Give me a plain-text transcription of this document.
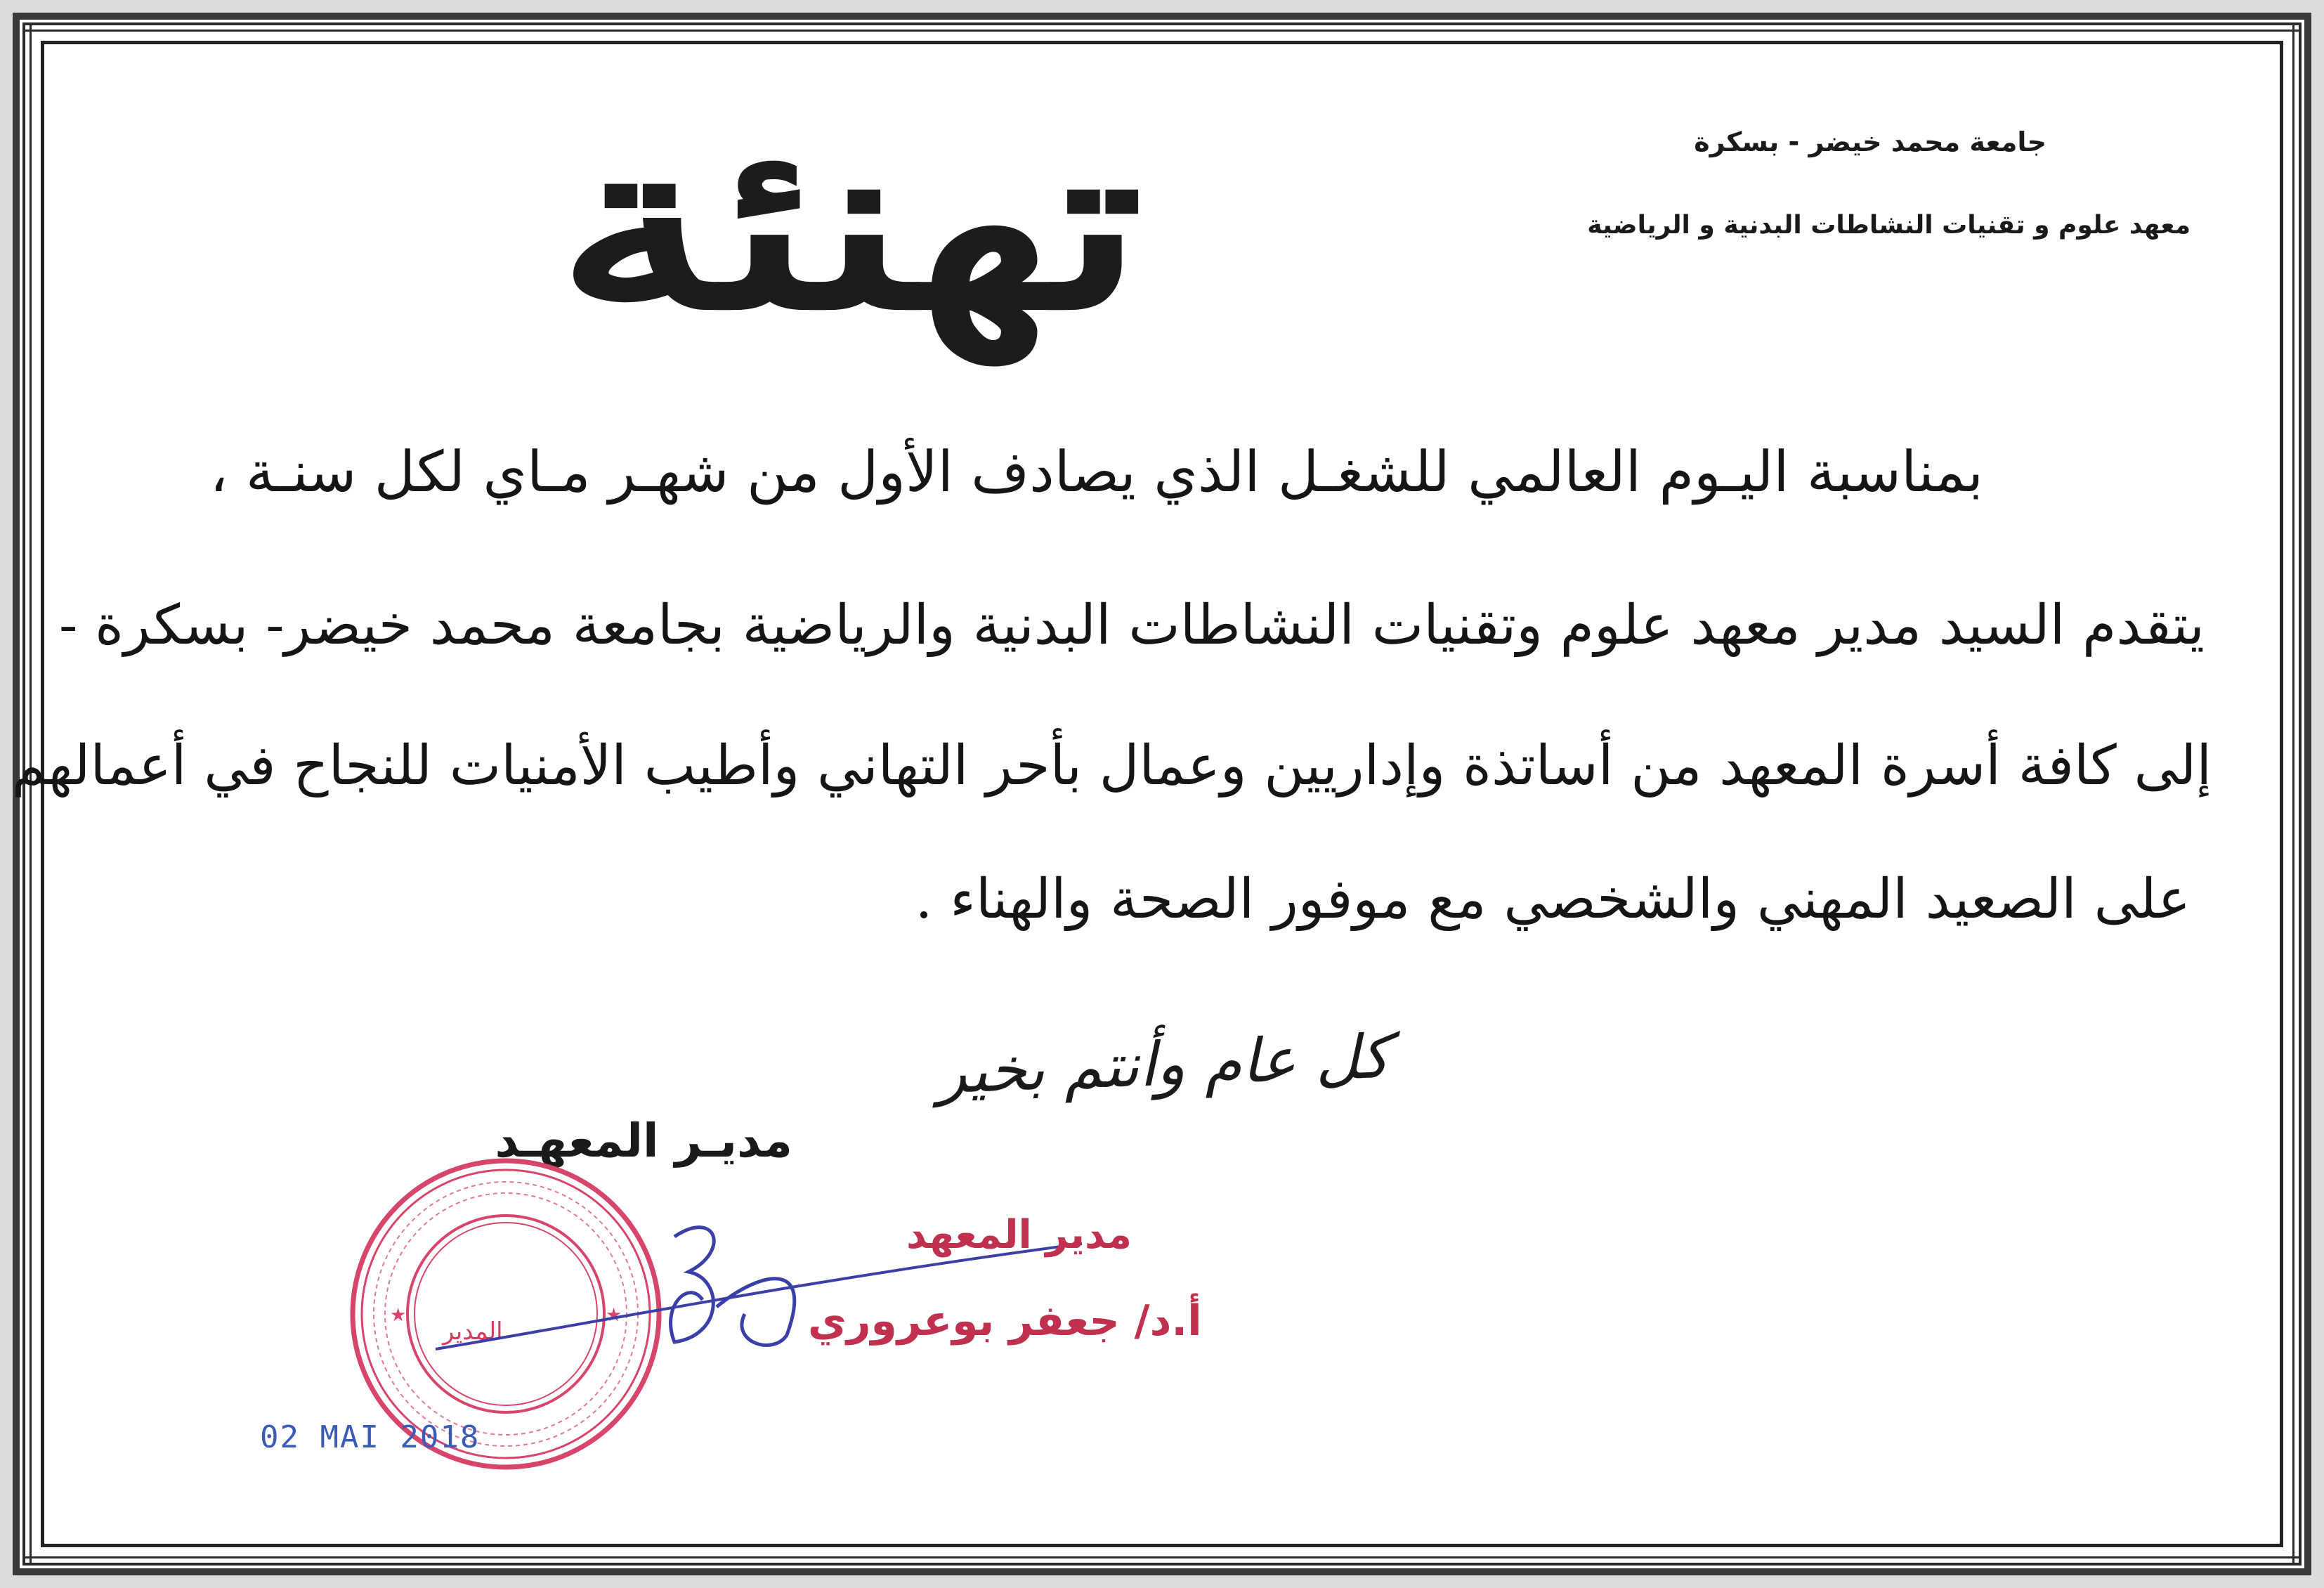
جامعة محمد خيضر - بسكرة
معهد علوم و تقنيات النشاطات البدنية و الرياضية
تهنئة
بمناسبة اليـوم العالمي للشغـل الذي يصادف الأول من شهـر مـاي لكل سنـة ،
يتقدم السيد مدير معهد علوم وتقنيات النشاطات البدنية والرياضية بجامعة محمد خيضر- بسكرة -
إلى كافة أسرة المعهد من أساتذة وإداريين وعمال بأحر التهاني وأطيب الأمنيات للنجاح في أعمالهم
على الصعيد المهني والشخصي مع موفور الصحة والهناء .
كل عام وأنتم بخير
مديـر المعهـد
★	★
المدير
مدير المعهد
أ.د/ جعفر بوعروري
02 MAI 2018
